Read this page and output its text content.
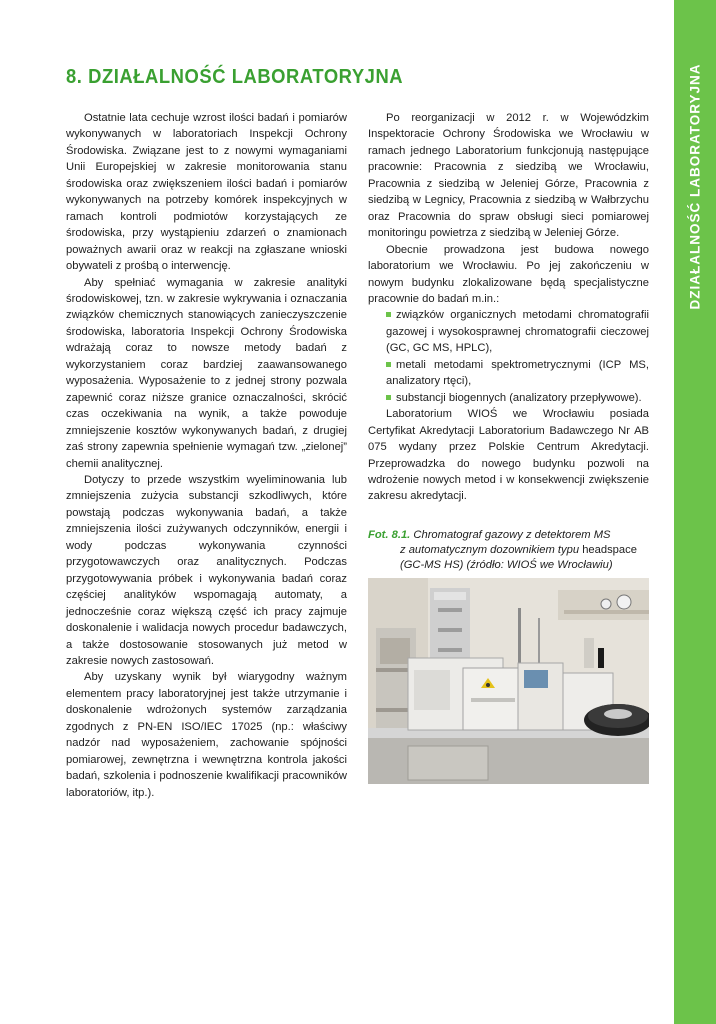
DZIAŁALNOŚĆ LABORATORYJNA
8. DZIAŁALNOŚĆ LABORATORYJNA

Ostatnie lata cechuje wzrost ilości badań i pomiarów wykonywanych w laboratoriach Inspekcji Ochrony Środowiska. Związane jest to z nowymi wymaganiami Unii Europejskiej w zakresie monitorowania stanu środowiska oraz zwiększeniem ilości badań i pomiarów wykonywanych na potrzeby komórek inspekcyjnych w ramach kontroli podmiotów korzystających ze środowiska, przy wystąpieniu zdarzeń o znamionach poważnych awarii oraz w reakcji na zgłaszane wnioski obywateli z prośbą o interwencję.

Aby spełniać wymagania w zakresie analityki środowiskowej, tzn. w zakresie wykrywania i oznaczania związków chemicznych stanowiących zanieczyszczenie środowiska, laboratoria Inspekcji Ochrony Środowiska wdrażają coraz to nowsze metody badań z wykorzystaniem coraz bardziej zaawansowanego wyposażenia. Wyposażenie to z jednej strony pozwala zapewnić coraz niższe granice oznaczalności, skrócić czas oczekiwania na wynik, a także powoduje zmniejszenie kosztów wykonywanych badań, z drugiej zaś strony zapewnia spełnienie wymagań tzw. „zielonej” chemii analitycznej.

Dotyczy to przede wszystkim wyeliminowania lub zmniejszenia zużycia substancji szkodliwych, które powstają podczas wykonywania badań, a także zmniejszenia ilości zużywanych odczynników, energii i wody podczas wykonywania czynności przygotowawczych oraz analitycznych. Podczas przygotowywania próbek i wykonywania badań coraz częściej analityków wspomagają automaty, a jednocześnie coraz większą część ich pracy zajmuje doskonalenie i walidacja nowych procedur badawczych, a także dostosowanie stosowanych już metod w zakresie nowych zastosowań.

Aby uzyskany wynik był wiarygodny ważnym elementem pracy laboratoryjnej jest także utrzymanie i doskonalenie wdrożonych systemów zarządzania zgodnych z PN-EN ISO/IEC 17025 (np.: właściwy nadzór nad wyposażeniem, zachowanie spójności pomiarowej, zewnętrzna i wewnętrzna kontrola jakości badań, szkolenia i podnoszenie kwalifikacji pracowników laboratoriów, itp.).

Po reorganizacji w 2012 r. w Wojewódzkim Inspektoracie Ochrony Środowiska we Wrocławiu w ramach jednego Laboratorium funkcjonują następujące pracownie: Pracownia z siedzibą we Wrocławiu, Pracownia z siedzibą w Jeleniej Górze, Pracownia z siedzibą w Legnicy, Pracownia z siedzibą w Wałbrzychu oraz Pracownia do spraw obsługi sieci pomiarowej monitoringu powietrza z siedzibą w Jeleniej Górze.

Obecnie prowadzona jest budowa nowego laboratorium we Wrocławiu. Po jej zakończeniu w nowym budynku zlokalizowane będą specjalistyczne pracownie do badań m.in.:

związków organicznych metodami chromatografii gazowej i wysokosprawnej chromatografii cieczowej (GC, GC MS, HPLC),
metali metodami spektrometrycznymi (ICP MS, analizatory rtęci),
substancji biogennych (analizatory przepływowe).

Laboratorium WIOŚ we Wrocławiu posiada Certyfikat Akredytacji Laboratorium Badawczego Nr AB 075 wydany przez Polskie Centrum Akredytacji. Przeprowadzka do nowego budynku pozwoli na wdrożenie nowych metod i w konsekwencji zwiększenie zakresu akredytacji.

Fot. 8.1. Chromatograf gazowy z detektorem MS
z automatycznym dozownikiem typu headspace
(GC-MS HS) (źródło: WIOŚ we Wrocławiu)
